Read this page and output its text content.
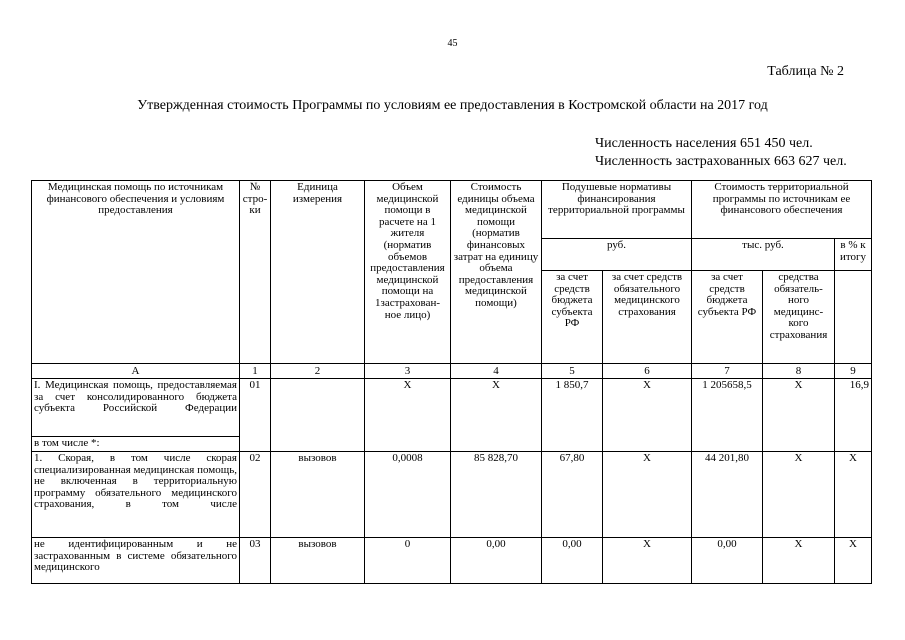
45
Таблица № 2
Утвержденная стоимость Программы по условиям ее предоставления в Костромской области на 2017 год
Численность населения 651 450 чел.
Численность застрахованных 663 627 чел.
Медицинская помощь по источникам финансового обеспечения и условиям предоставления	№ стро-ки	Единица измерения	Объем медицинской помощи в расчете на 1 жителя (норматив объемов предоставления медицинской помощи на 1застрахован-ное лицо)	Стоимость единицы объема медицинской помощи (норматив финансовых затрат на единицу объема предоставления медицинской помощи)	Подушевые нормативы финансирования территориальной программы		Стоимость территориальной программы по источникам ее финансового обеспечения		
					руб.		тыс. руб.		в % к итогу
					за счет средств бюджета субъекта РФ	за счет средств обязательного медицинского страхования	за счет средств бюджета субъекта РФ	средства обязатель-ного медицинс-кого страхования	
А	1	2	3	4	5	6	7	8	9
I. Медицинская помощь, предоставляемая за счет консолидированного бюджета субъекта Российской Федерации	01		Х	Х	1 850,7	Х	1 205658,5	Х	16,9
в том числе *:									
1. Скорая, в том числе скорая специализированная медицинская помощь, не включенная в территориальную программу обязательного медицинского страхования, в том числе	02	вызовов	0,0008	85 828,70	67,80	Х	44 201,80	Х	Х
не идентифицированным и не застрахованным в системе обязательного медицинского	03	вызовов	0	0,00	0,00	Х	0,00	Х	Х
